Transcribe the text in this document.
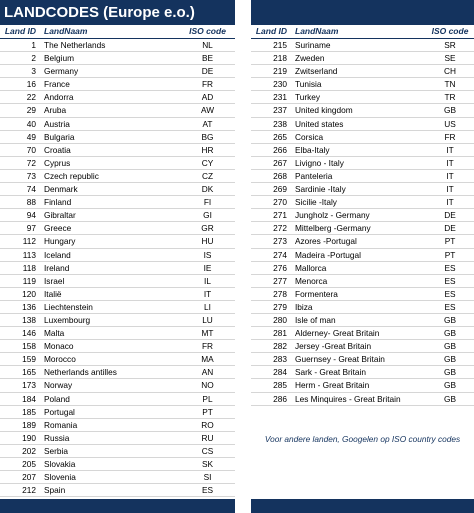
LANDCODES (Europe e.o.)
Land ID LandNaam	ISO code
1 The Netherlands	NL
2 Belgium	BE
3 Germany	DE
16 France	FR
22 Andorra	AD
29 Aruba	AW
40 Austria	AT
49 Bulgaria	BG
70 Croatia	HR
72 Cyprus	CY
73 Czech republic	CZ
74 Denmark	DK
88 Finland	FI
94 Gibraltar	GI
97 Greece	GR
112 Hungary	HU
113 Iceland	IS
118 Ireland	IE
119 Israel	IL
120 Italië	IT
136 Liechtenstein	LI
138 Luxembourg	LU
146 Malta	MT
158 Monaco	FR
159 Morocco	MA
165 Netherlands antilles	AN
173 Norway	NO
184 Poland	PL
185 Portugal	PT
189 Romania	RO
190 Russia	RU
202 Serbia	CS
205 Slovakia	SK
207 Slovenia	SI
212 Spain	ES
Land ID LandNaam	ISO code
215 Suriname	SR
218 Zweden	SE
219 Zwitserland	CH
230 Tunisia	TN
231 Turkey	TR
237 United kingdom	GB
238 United states	US
265 Corsica	FR
266 Elba-Italy	IT
267 Livigno - Italy	IT
268 Panteleria	IT
269 Sardinie -Italy	IT
270 Sicilie -Italy	IT
271 Jungholz - Germany	DE
272 Mittelberg -Germany	DE
273 Azores -Portugal	PT
274 Madeira -Portugal	PT
276 Mallorca	ES
277 Menorca	ES
278 Formentera	ES
279 Ibiza	ES
280 Isle of man	GB
281 Alderney- Great Britain	GB
282 Jersey -Great Britain	GB
283 Guernsey - Great Britain	GB
284 Sark - Great Britain	GB
285 Herm - Great Britain	GB
286 Les Minquires - Great Britain	GB
Voor andere landen, Googelen op ISO country codes
